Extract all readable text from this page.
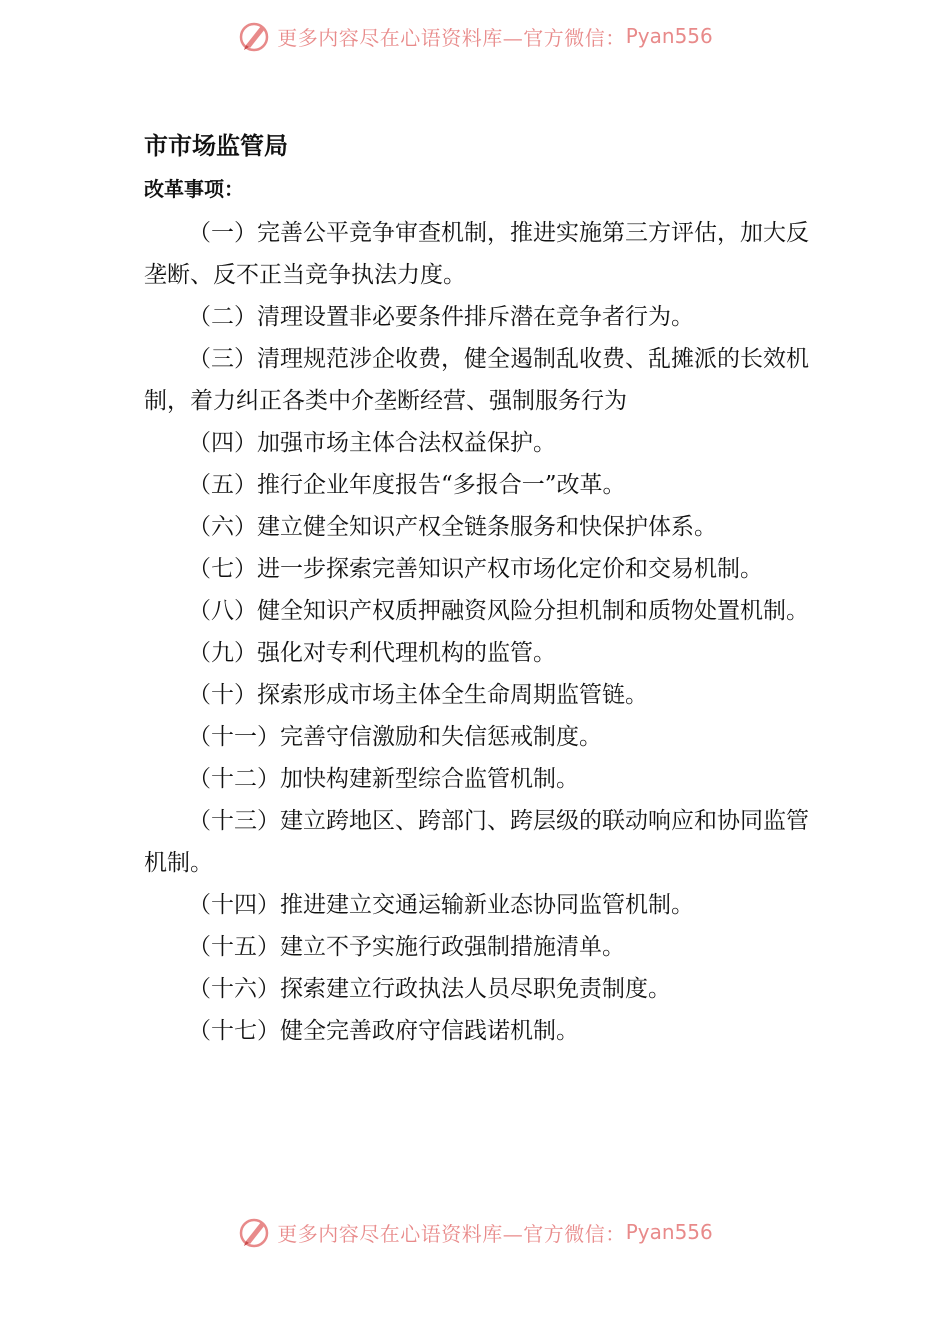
更多内容尽在心语资料库—官方微信： Pyan556
市市场监管局

改革事项：

（一）完善公平竞争审查机制，推进实施第三方评估，加大反垄断、反不正当竞争执法力度。

（二）清理设置非必要条件排斥潜在竞争者行为。

（三）清理规范涉企收费，健全遏制乱收费、乱摊派的长效机制，着力纠正各类中介垄断经营、强制服务行为

（四）加强市场主体合法权益保护。

（五）推行企业年度报告“多报合一”改革。

（六）建立健全知识产权全链条服务和快保护体系。

（七）进一步探索完善知识产权市场化定价和交易机制。

（八）健全知识产权质押融资风险分担机制和质物处置机制。

（九）强化对专利代理机构的监管。

（十）探索形成市场主体全生命周期监管链。

（十一）完善守信激励和失信惩戒制度。

（十二）加快构建新型综合监管机制。

（十三）建立跨地区、跨部门、跨层级的联动响应和协同监管机制。

（十四）推进建立交通运输新业态协同监管机制。

（十五）建立不予实施行政强制措施清单。

（十六）探索建立行政执法人员尽职免责制度。

（十七）健全完善政府守信践诺机制。

更多内容尽在心语资料库—官方微信： Pyan556
